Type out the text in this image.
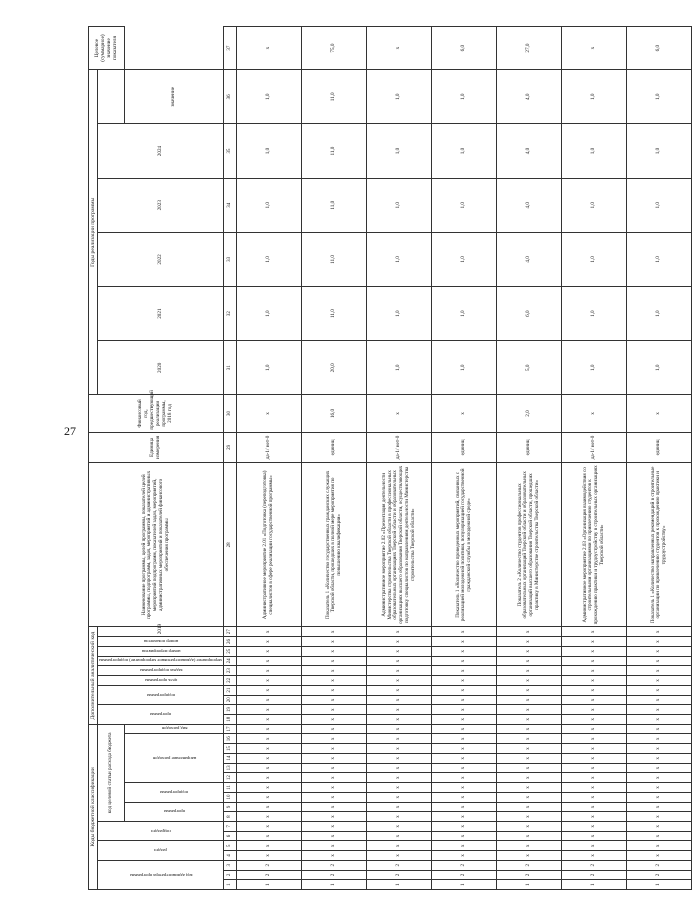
27
Коды бюджетной классификации																	Дополнительный аналитический код										Наименование программы, целей программы, показателей целей программы, подпрограмм, задач, мероприятий и административных мероприятий подпрограмм, показателей задач, мероприятий, административных мероприятий и показателей финансового обеспечения программы	Единица измерения	Финансовый год, предшествующий реализации программы, 2018 год	Годы реализации программы						Целевое (суммарное) значение показателя

код администратора программы			раздел		подраздел		код целевой статьи расхода бюджета										программа		подпрограмма		цель программы	задача подпрограммы	мероприятие (административное мероприятие) подпрограммы	номер мероприятия	номер показателя	2019				2020	2021	2022	2023	2024		

							программа		подпрограмма		направление расходов					вид расходов																			значение	
1	2	3	4	5	6	7	8	9	10	11	12	13	14	15	16	17	18	19	20	21	22	23	24	25	26	27	28	29	30	31	32	33	34	35	36	37
1	2	2	x	x	x	x	x	x	x	x	x	x	x	x	x	x	x	x	x	x	x	x	x	x	x	x	Административное мероприятие 2.01 «Подготовка (переподготовка) специалистов в сфере реализации государственной программы»	да-1/ нет-0	x	1,0	1,0	1,0	1,0	1,0	1,0	x
1	2	2	x	x	x	x	x	x	x	x	x	x	x	x	x	x	x	x	x	x	x	x	x	x	x	x	Показатель 1 «Количество государственных гражданских служащих Тверской области, прошедших в полной мере мероприятия по повышению квалификации»	единиц	16,0	20,0	11,0	11,0	11,0	11,0	11,0	75,0
1	2	2	x	x	x	x	x	x	x	x	x	x	x	x	x	x	x	x	x	x	x	x	x	x	x	x	Административное мероприятие 2.02 «Презентация деятельности Министерства строительства Тверской области в профессиональных образовательных организациях Тверской области и образовательных организациях высшего образования Тверской области, осуществляющих подготовку специалистов по направлениям деятельности Министерства строительства Тверской области»	да-1/ нет-0	x	1,0	1,0	1,0	1,0	1,0	1,0	x
1	2	2	x	x	x	x	x	x	x	x	x	x	x	x	x	x	x	x	x	x	x	x	x	x	x	x	Показатель 1 «Количество проведенных мероприятий, связанных с реализацией молодежной политики, популяризацией государственной гражданской службы в молодежной среде»	единиц	x	1,0	1,0	1,0	1,0	1,0	1,0	6,0
1	2	2	x	x	x	x	x	x	x	x	x	x	x	x	x	x	x	x	x	x	x	x	x	x	x	x	Показатель 2 «Количество студентов профессиональных образовательных организаций Тверской области и образовательных организаций высшего образования Тверской области, прошедших практику в Министерстве строительства Тверской области»	единиц	2,0	5,0	6,0	4,0	4,0	4,0	4,0	27,0
1	2	2	x	x	x	x	x	x	x	x	x	x	x	x	x	x	x	x	x	x	x	x	x	x	x	x	Административное мероприятие 2.03 «Организация взаимодействия со строительными организациями по привлечению студентов к прохождению практики и трудоустройству в строительных организациях Тверской области»	да-1/ нет-0	x	1,0	1,0	1,0	1,0	1,0	1,0	x
1	2	2	x	x	x	x	x	x	x	x	x	x	x	x	x	x	x	x	x	x	x	x	x	x	x	x	Показатель 1 «Количество направленных рекомендаций в строительные организации по привлечению студентов к прохождению практики и трудоустройству»	единиц	x	1,0	1,0	1,0	1,0	1,0	1,0	6,0
